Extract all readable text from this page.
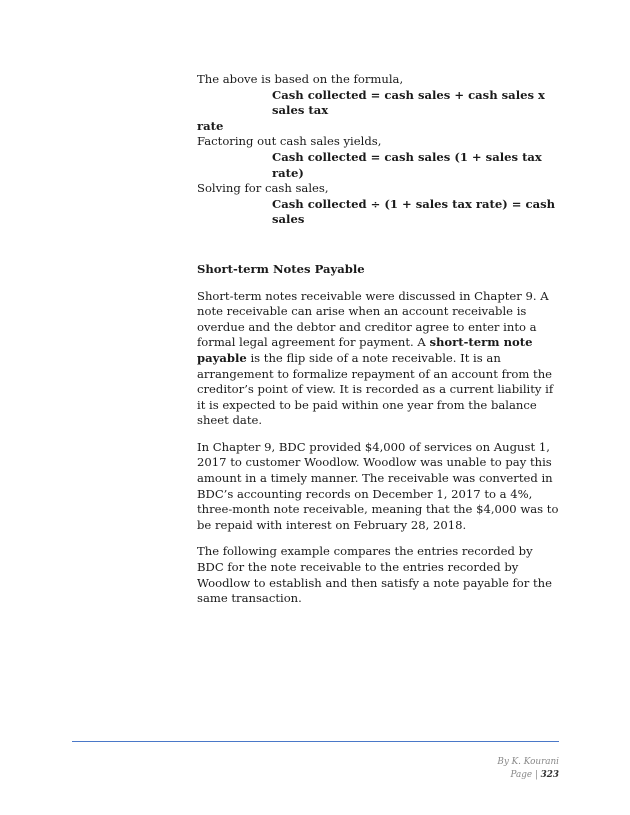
The above is based on the formula,

Cash collected = cash sales + cash sales x sales tax

rate

Factoring out cash sales yields,

Cash collected = cash sales (1 + sales tax rate)

Solving for cash sales,

Cash collected ÷ (1 + sales tax rate) = cash sales

Short-term Notes Payable

Short-term notes receivable were discussed in Chapter 9. A note receivable can arise when an account receivable is overdue and the debtor and creditor agree to enter into a formal legal agreement for payment. A short-term note payable is the flip side of a note receivable. It is an arrangement to formalize repayment of an account from the creditor’s point of view. It is recorded as a current liability if it is expected to be paid within one year from the balance sheet date.

In Chapter 9, BDC provided $4,000 of services on August 1, 2017 to customer Woodlow. Woodlow was unable to pay this amount in a timely manner. The receivable was converted in BDC’s accounting records on December 1, 2017 to a 4%, three-month note receivable, meaning that the $4,000 was to be repaid with interest on February 28, 2018.

The following example compares the entries recorded by BDC for the note receivable to the entries recorded by Woodlow to establish and then satisfy a note payable for the same transaction.

By K. Kourani
Page | 323
